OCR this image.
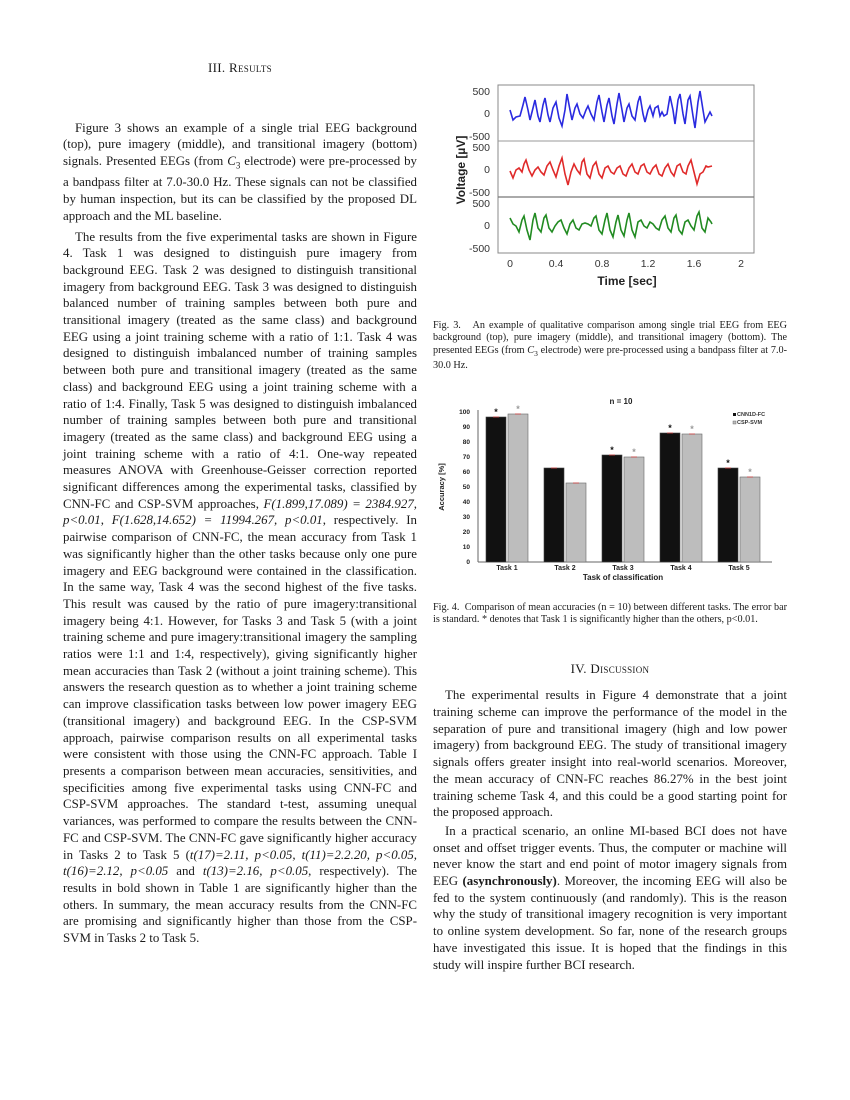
III. Results

Figure 3 shows an example of a single trial EEG background (top), pure imagery (middle), and transitional imagery (bottom) signals. Presented EEGs (from $C_3$ electrode) were pre-processed by a bandpass filter at 7.0-30.0 Hz. These signals can not be classified by human inspection, but its can be classified by the proposed DL approach and the ML baseline.

The results from the five experimental tasks are shown in Figure 4. Task 1 was designed to distinguish pure imagery from background EEG. Task 2 was designed to distinguish transitional imagery from background EEG. Task 3 was designed to distinguish balanced number of training samples between both pure and transitional imagery (treated as the same class) and background EEG using a joint training scheme with a ratio of 1:1. Task 4 was designed to distinguish imbalanced number of training samples between both pure and transitional imagery (treated as the same class) and background EEG using a joint training scheme with a ratio of 1:4. Finally, Task 5 was designed to distinguish imbalanced number of training samples between both pure and transitional imagery (treated as the same class) and background EEG using a joint training scheme with a ratio of 4:1. One-way repeated measures ANOVA with Greenhouse-Geisser correction reported significant differences among the experimental tasks, classified by CNN-FC and CSP-SVM approaches, F(1.899,17.089) = 2384.927, p<0.01, F(1.628,14.652) = 11994.267, p<0.01, respectively. In pairwise comparison of CNN-FC, the mean accuracy from Task 1 was significantly higher than the other tasks because only one pure imagery and EEG background were contained in the classification. In the same way, Task 4 was the second highest of the five tasks. This result was caused by the ratio of pure imagery:transitional imagery being 4:1. However, for Tasks 3 and Task 5 (with a joint training scheme and pure imagery:transitional imagery the sampling ratios were 1:1 and 1:4, respectively), giving significantly higher mean accuracies than Task 2 (without a joint training scheme). This answers the research question as to whether a joint training scheme can improve classification tasks between low power imagery EEG (transitional imagery) and background EEG. In the CSP-SVM approach, pairwise comparison results on all experimental tasks were consistent with those using the CNN-FC approach. Table I presents a comparison between mean accuracies, sensitivities, and specificities among five experimental tasks using CNN-FC and CSP-SVM approaches. The standard t-test, assuming unequal variances, was performed to compare the results between the CNN-FC and CSP-SVM. The CNN-FC gave significantly higher accuracy in Tasks 2 to Task 5 (t(17)=2.11, p<0.05, t(11)=2.2.20, p<0.05, t(16)=2.12, p<0.05 and t(13)=2.16, p<0.05, respectively). The results in bold shown in Table 1 are significantly higher than the others. In summary, the mean accuracy results from the CNN-FC are promising and significantly higher than those from the CSP-SVM in Tasks 2 to Task 5.

500
0
-500
500
0
-500
500
0
-500
Voltage [µV]
0	0.4	0.8	1.2	1.6	2
Time [sec]

Fig. 3. An example of qualitative comparison among single trial EEG from EEG background (top), pure imagery (middle), and transitional imagery (bottom). The presented EEGs (from $C_3$ electrode) were pre-processed using a bandpass filter at 7.0-30.0 Hz.

n = 10
0
10
20
30
40
50
60
70
80
90
100
Accuracy [%]
* *
* *
* *
*
*
Task 1	Task 2	Task 3	Task 4	Task 5
Task of classification
CNN1D-FC
CSP-SVM

Fig. 4. Comparison of mean accuracies (n = 10) between different tasks. The error bar is standard. * denotes that Task 1 is significantly higher than the others, p<0.01.

IV. Discussion

The experimental results in Figure 4 demonstrate that a joint training scheme can improve the performance of the model in the separation of pure and transitional imagery (high and low power imagery) from background EEG. The study of transitional imagery signals offers greater insight into real-world scenarios. Moreover, the mean accuracy of CNN-FC reaches 86.27% in the best joint training scheme Task 4, and this could be a good starting point for the proposed approach.

In a practical scenario, an online MI-based BCI does not have onset and offset trigger events. Thus, the computer or machine will never know the start and end point of motor imagery signals from EEG (asynchronously). Moreover, the incoming EEG will also be fed to the system continuously (and randomly). This is the reason why the study of transitional imagery recognition is very important to online system development. So far, none of the research groups have investigated this issue. It is hoped that the findings in this study will inspire further BCI research.
